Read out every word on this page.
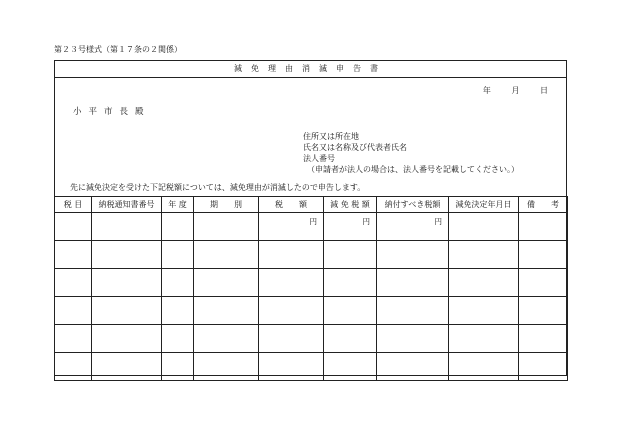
第２３号様式（第１７条の２関係）
減免理由消滅申告書
年 月 日
小平市長殿
住所又は所在地
氏名又は名称及び代表者氏名
法人番号
（申請者が法人の場合は、法人番号を記載してください。）
先に減免決定を受けた下記税額については、減免理由が消滅したので申告します。
税 目	納税通知書番号	年 度	期　　別	税　　額	減 免 税 額	納付すべき税額	減免決定年月日	備　　考
				円	円	円		
